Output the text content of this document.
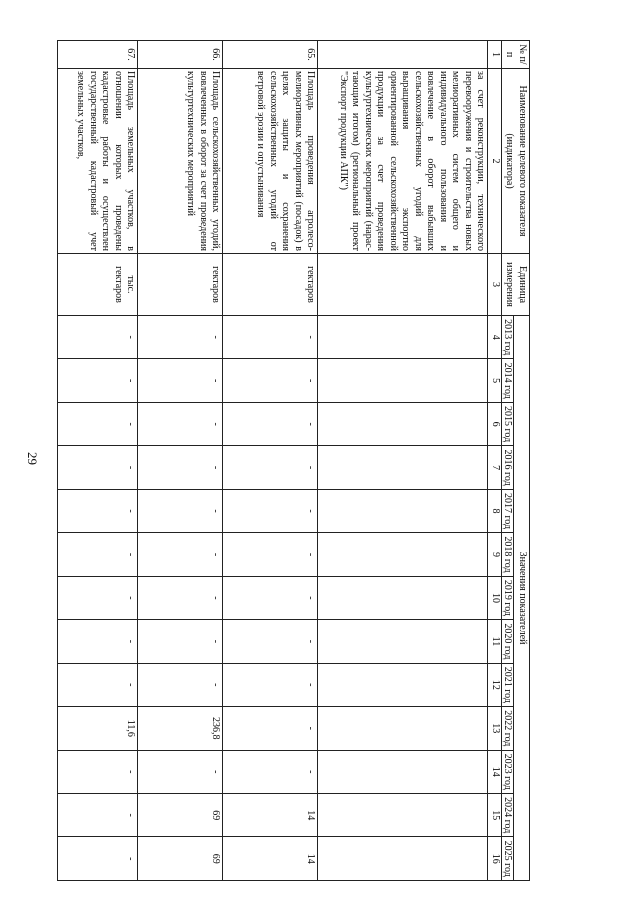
29
№ п/п	Наименование целевого показателя (индикатора)	Единица измерения	Значения показателей												
			2013 год	2014 год	2015 год	2016 год	2017 год	2018 год	2019 год	2020 год	2021 год	2022 год	2023 год	2024 год	2025 год
1	2	3	4	5	6	7	8	9	10	11	12	13	14	15	16
	за счет реконструкции, технического перевооружения и строительства новых мелиоративных систем общего и индивидуального пользования и вовлечение в оборот выбывших сельскохозяйственных угодий для выращивания экспортно ориентированной сельскохозяйственной продукции за счет проведения культуртехнических мероприятий (нарастающим итогом) (региональный проект "Экспорт продукции АПК")														
65.	Площадь проведения агролесомелиоративных мероприятий (посадок) в целях защиты и сохранения сельскохозяйственных угодий от ветровой эрозии и опустынивания	гектаров	-	-	-	-	-	-	-	-	-	-	-	14	14
66.	Площадь сельскохозяйственных угодий, вовлеченных в оборот за счет проведения культуртехнических мероприятий	гектаров	-	-	-	-	-	-	-	-	-	236,8	-	69	69
67.	Площадь земельных участков, в отношении которых проведены кадастровые работы и осуществлен государственный кадастровый учет земельных участков,	тыс. гектаров	-	-	-	-	-	-	-	-	-	11,6	-	-	-
